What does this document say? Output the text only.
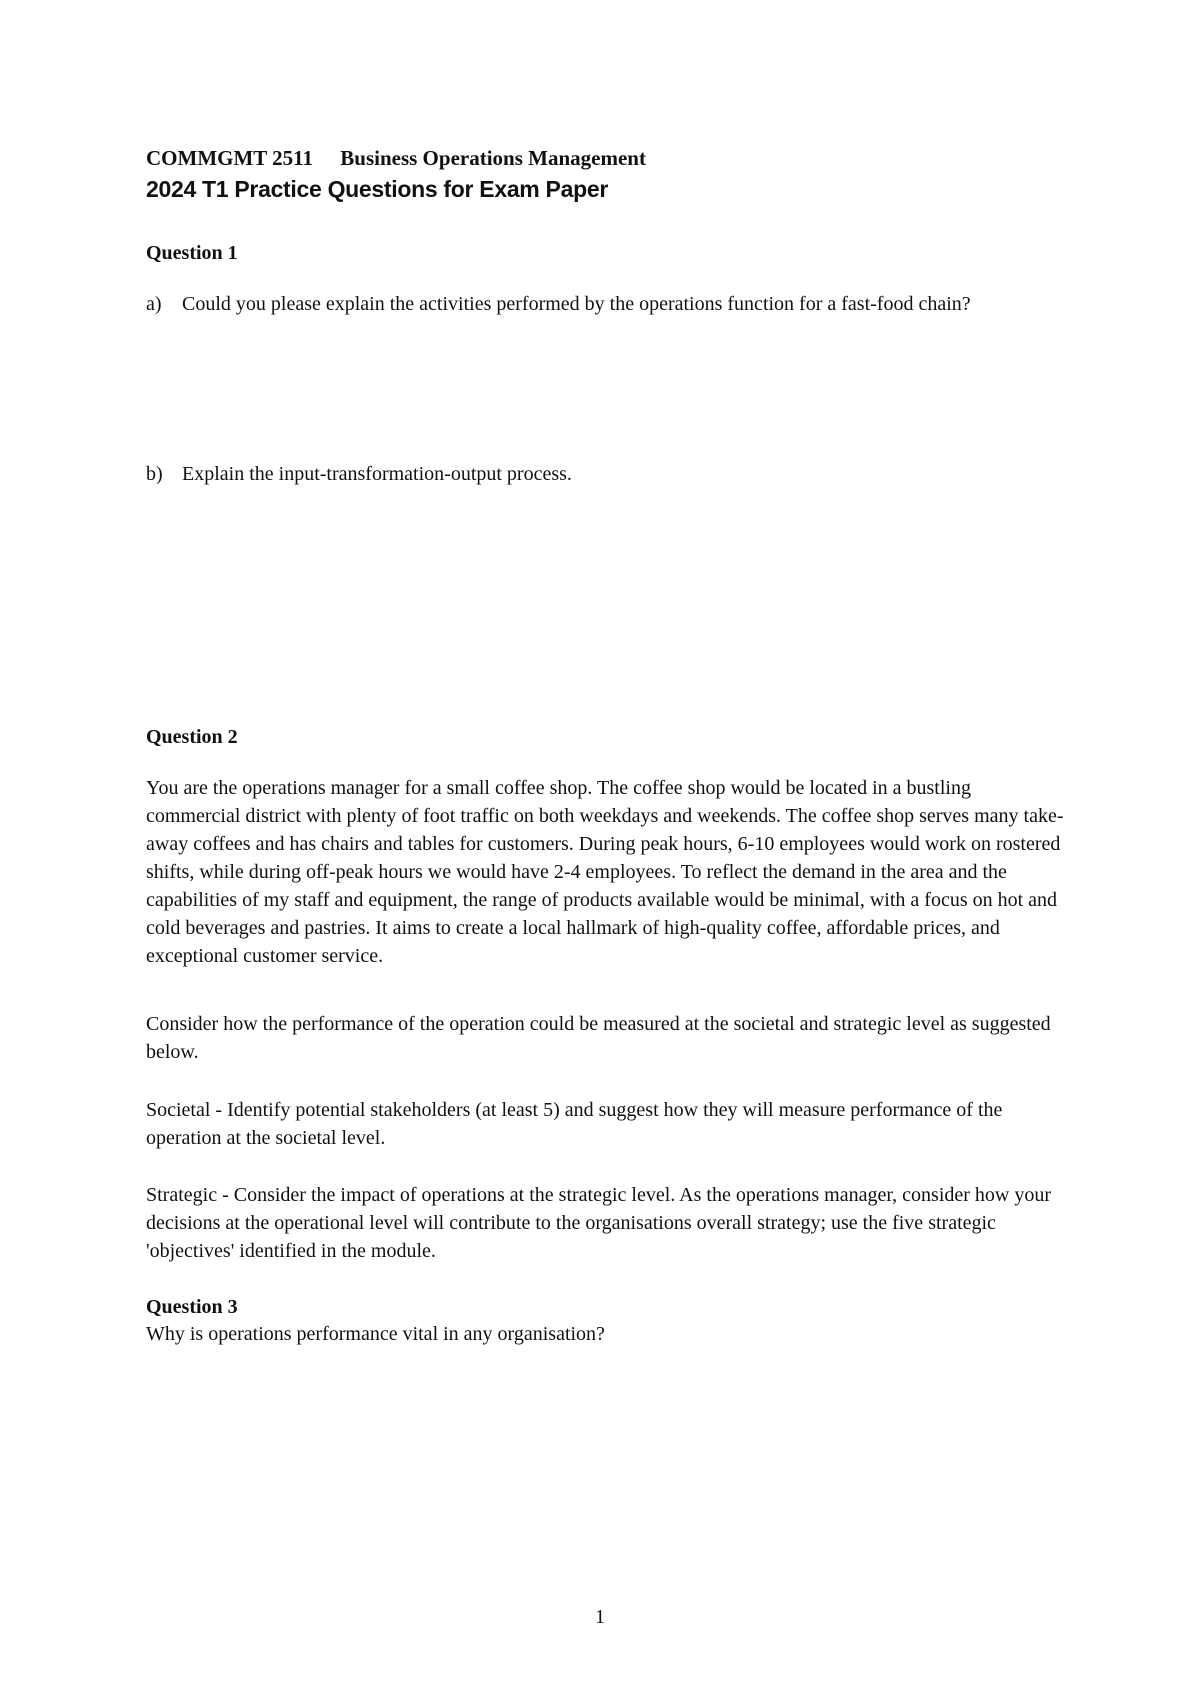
COMMGMT 2511 Business Operations Management
2024 T1 Practice Questions for Exam Paper
Question 1
a) Could you please explain the activities performed by the operations function for a fast-food chain?
b) Explain the input-transformation-output process.
Question 2
You are the operations manager for a small coffee shop. The coffee shop would be located in a bustling commercial district with plenty of foot traffic on both weekdays and weekends. The coffee shop serves many take-away coffees and has chairs and tables for customers. During peak hours, 6-10 employees would work on rostered shifts, while during off-peak hours we would have 2-4 employees. To reflect the demand in the area and the capabilities of my staff and equipment, the range of products available would be minimal, with a focus on hot and cold beverages and pastries. It aims to create a local hallmark of high-quality coffee, affordable prices, and exceptional customer service.
Consider how the performance of the operation could be measured at the societal and strategic level as suggested below.
Societal - Identify potential stakeholders (at least 5) and suggest how they will measure performance of the operation at the societal level.
Strategic - Consider the impact of operations at the strategic level. As the operations manager, consider how your decisions at the operational level will contribute to the organisations overall strategy; use the five strategic 'objectives' identified in the module.
Question 3
Why is operations performance vital in any organisation?
1
